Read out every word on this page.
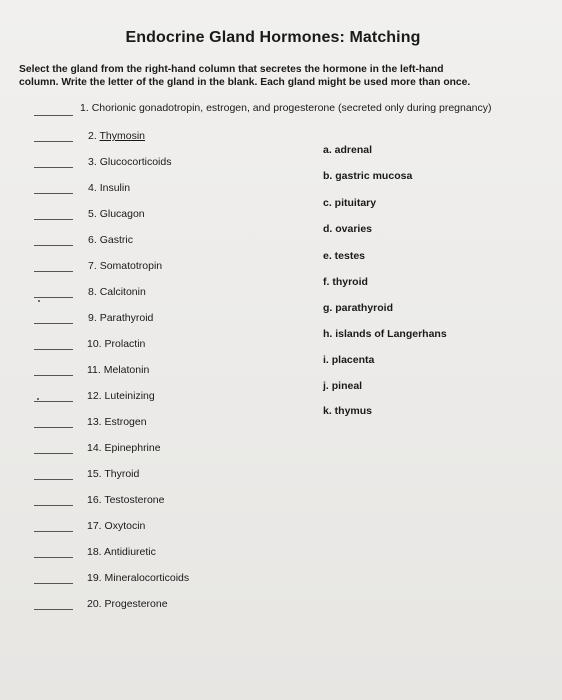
Endocrine Gland Hormones: Matching
Select the gland from the right-hand column that secretes the hormone in the left-hand
column. Write the letter of the gland in the blank. Each gland might be used more than once.
1. Chorionic gonadotropin, estrogen, and progesterone (secreted only during pregnancy)
2. Thymosin
3. Glucocorticoids
4. Insulin
5. Glucagon
6. Gastric
7. Somatotropin
8. Calcitonin
9. Parathyroid
10. Prolactin
11. Melatonin
12. Luteinizing
13. Estrogen
14. Epinephrine
15. Thyroid
16. Testosterone
17. Oxytocin
18. Antidiuretic
19. Mineralocorticoids
20. Progesterone
a. adrenal
b. gastric mucosa
c. pituitary
d. ovaries
e. testes
f. thyroid
g. parathyroid
h. islands of Langerhans
i. placenta
j. pineal
k. thymus
